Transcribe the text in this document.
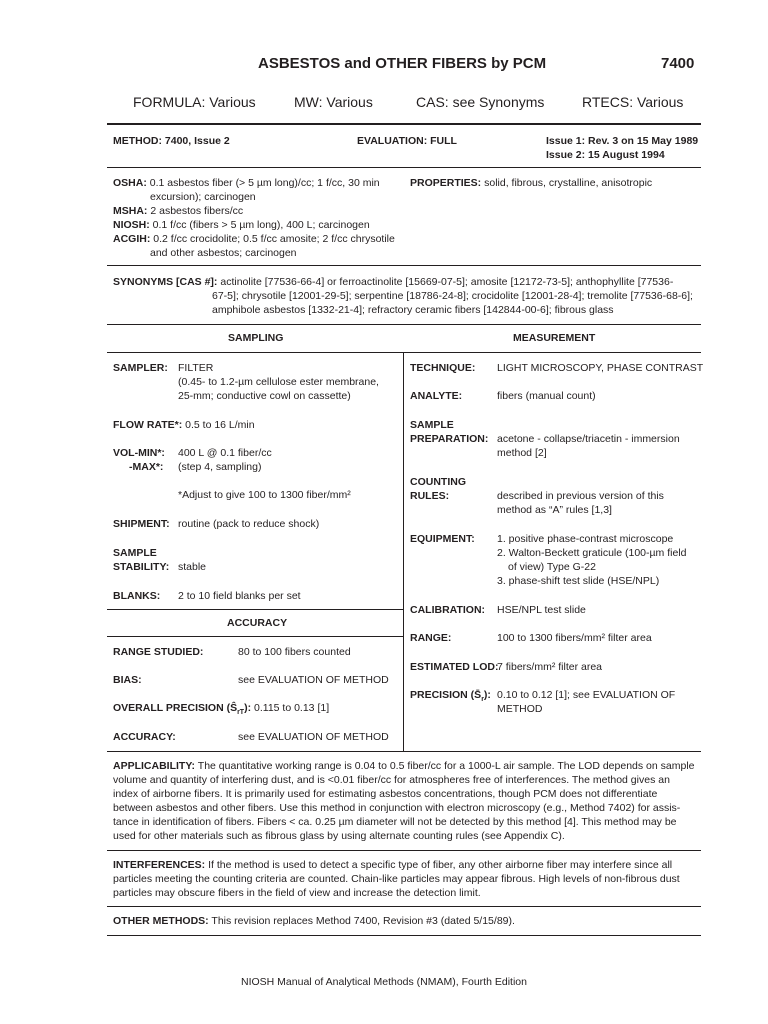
ASBESTOS and OTHER FIBERS by PCM	7400
FORMULA: Various	MW: Various	CAS: see Synonyms	RTECS: Various
METHOD: 7400, Issue 2	EVALUATION: FULL	Issue 1: Rev. 3 on 15 May 1989
Issue 2: 15 August 1994
OSHA: 0.1 asbestos fiber (> 5 µm long)/cc; 1 f/cc, 30 min
excursion); carcinogen
MSHA: 2 asbestos fibers/cc
NIOSH: 0.1 f/cc (fibers > 5 µm long), 400 L; carcinogen
ACGIH: 0.2 f/cc crocidolite; 0.5 f/cc amosite; 2 f/cc chrysotile
and other asbestos; carcinogen
PROPERTIES: solid, fibrous, crystalline, anisotropic
SYNONYMS [CAS #]: actinolite [77536-66-4] or ferroactinolite [15669-07-5]; amosite [12172-73-5]; anthophyllite [77536-
67-5]; chrysotile [12001-29-5]; serpentine [18786-24-8]; crocidolite [12001-28-4]; tremolite [77536-68-6];
amphibole asbestos [1332-21-4]; refractory ceramic fibers [142844-00-6]; fibrous glass
SAMPLING	MEASUREMENT
SAMPLER: FILTER
(0.45- to 1.2-µm cellulose ester membrane,
25-mm; conductive cowl on cassette)
FLOW RATE*: 0.5 to 16 L/min
VOL-MIN*: 400 L @ 0.1 fiber/cc
-MAX*: (step 4, sampling)
*Adjust to give 100 to 1300 fiber/mm²
SHIPMENT: routine (pack to reduce shock)
SAMPLE
STABILITY: stable
BLANKS: 2 to 10 field blanks per set
ACCURACY
RANGE STUDIED:	80 to 100 fibers counted
BIAS:	see EVALUATION OF METHOD
OVERALL PRECISION $(Ŝ_{rT})$: 0.115 to 0.13 [1]
ACCURACY:	see EVALUATION OF METHOD
TECHNIQUE: LIGHT MICROSCOPY, PHASE CONTRAST
ANALYTE:	fibers (manual count)
SAMPLE
PREPARATION: acetone - collapse/triacetin - immersion
method [2]
COUNTING
RULES:	described in previous version of this
method as “A” rules [1,3]
EQUIPMENT: 1. positive phase-contrast microscope
2. Walton-Beckett graticule (100-µm field
of view) Type G-22
3. phase-shift test slide (HSE/NPL)
CALIBRATION: HSE/NPL test slide
RANGE:	100 to 1300 fibers/mm² filter area
ESTIMATED LOD:
7 fibers/mm² filter area
PRECISION $(S̄_r)$: 0.10 to 0.12 [1]; see EVALUATION OF
METHOD
APPLICABILITY: The quantitative working range is 0.04 to 0.5 fiber/cc for a 1000-L air sample. The LOD depends on sample
volume and quantity of interfering dust, and is <0.01 fiber/cc for atmospheres free of interferences. The method gives an
index of airborne fibers. It is primarily used for estimating asbestos concentrations, though PCM does not differentiate
between asbestos and other fibers. Use this method in conjunction with electron microscopy (e.g., Method 7402) for assis-
tance in identification of fibers. Fibers < ca. 0.25 µm diameter will not be detected by this method [4]. This method may be
used for other materials such as fibrous glass by using alternate counting rules (see Appendix C).
INTERFERENCES: If the method is used to detect a specific type of fiber, any other airborne fiber may interfere since all
particles meeting the counting criteria are counted. Chain-like particles may appear fibrous. High levels of non-fibrous dust
particles may obscure fibers in the field of view and increase the detection limit.
OTHER METHODS: This revision replaces Method 7400, Revision #3 (dated 5/15/89).
NIOSH Manual of Analytical Methods (NMAM), Fourth Edition
